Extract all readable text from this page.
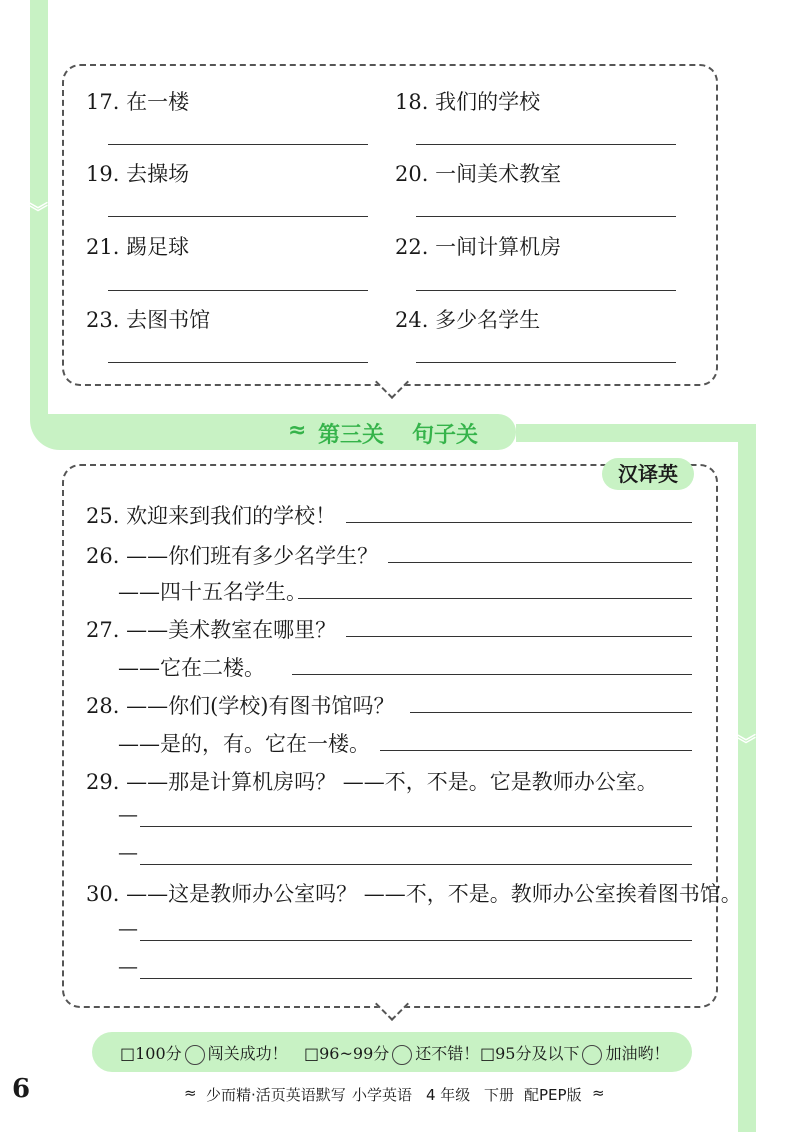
︾
︾
17. 在一楼	18. 我们的学校
19. 去操场	20. 一间美术教室
21. 踢足球	22. 一间计算机房
23. 去图书馆	24. 多少名学生
≈ 第三关 句子关
汉译英
25. 欢迎来到我们的学校！
26. ——你们班有多少名学生？
——四十五名学生。
27. ——美术教室在哪里？
——它在二楼。
28. ——你们(学校)有图书馆吗？
——是的，有。它在一楼。
29. ——那是计算机房吗？ ——不，不是。它是教师办公室。
—
—
30. ——这是教师办公室吗？ ——不，不是。教师办公室挨着图书馆。
—
—
□100分 闯关成功！ □96~99分 还不错！ □95分及以下 加油哟！
6	≈ 少而精·活页英语默写 小学英语 4 年级 下册 配PEP版 ≈
